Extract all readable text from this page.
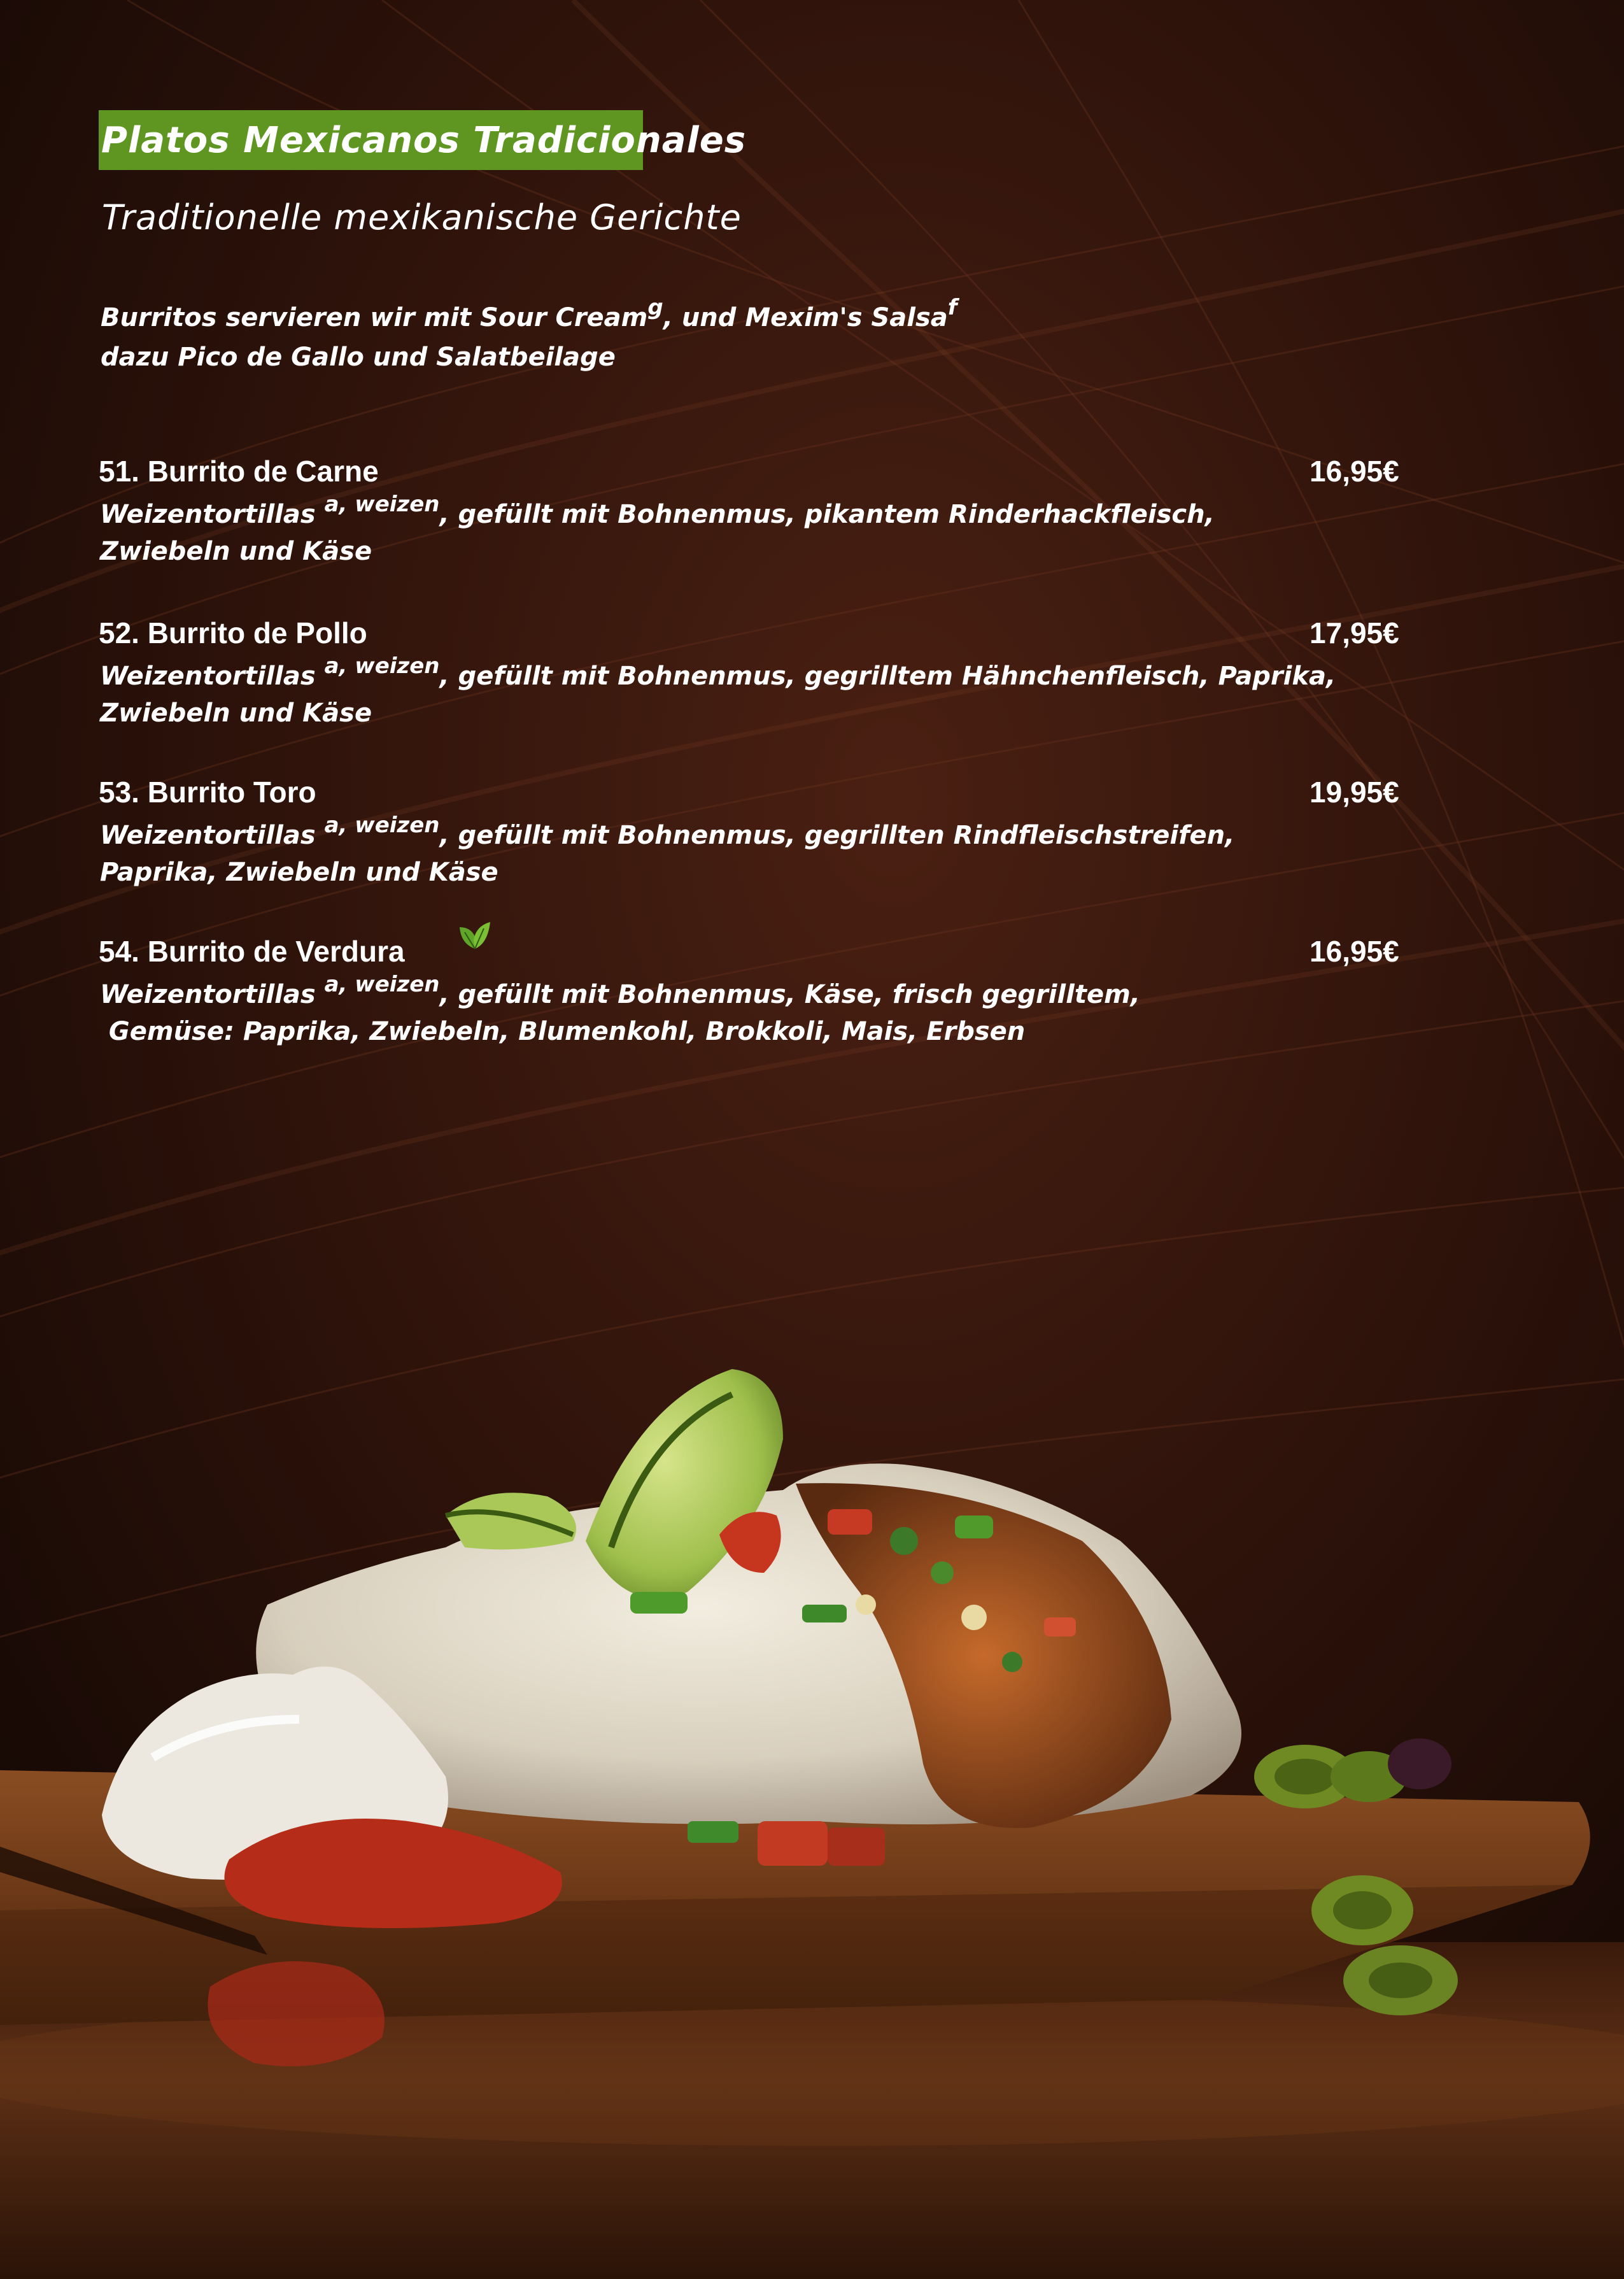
Platos Mexicanos Tradicionales
Traditionelle mexikanische Gerichte
Burritos servieren wir mit Sour Cream$^g$, und Mexim's Salsa$^f$
dazu Pico de Gallo und Salatbeilage
51. Burrito de Carne	16,95€
Weizentortillas $^{a, weizen}$, gefüllt mit Bohnenmus, pikantem Rinderhackfleisch,
Zwiebeln und Käse
52. Burrito de Pollo	17,95€
Weizentortillas $^{a, weizen}$, gefüllt mit Bohnenmus, gegrilltem Hähnchenfleisch, Paprika,
Zwiebeln und Käse
53. Burrito Toro	19,95€
Weizentortillas $^{a, weizen}$, gefüllt mit Bohnenmus, gegrillten Rindfleischstreifen,
Paprika, Zwiebeln und Käse
54. Burrito de Verdura	16,95€
Weizentortillas $^{a, weizen}$, gefüllt mit Bohnenmus, Käse, frisch gegrilltem,
Gemüse: Paprika, Zwiebeln, Blumenkohl, Brokkoli, Mais, Erbsen
